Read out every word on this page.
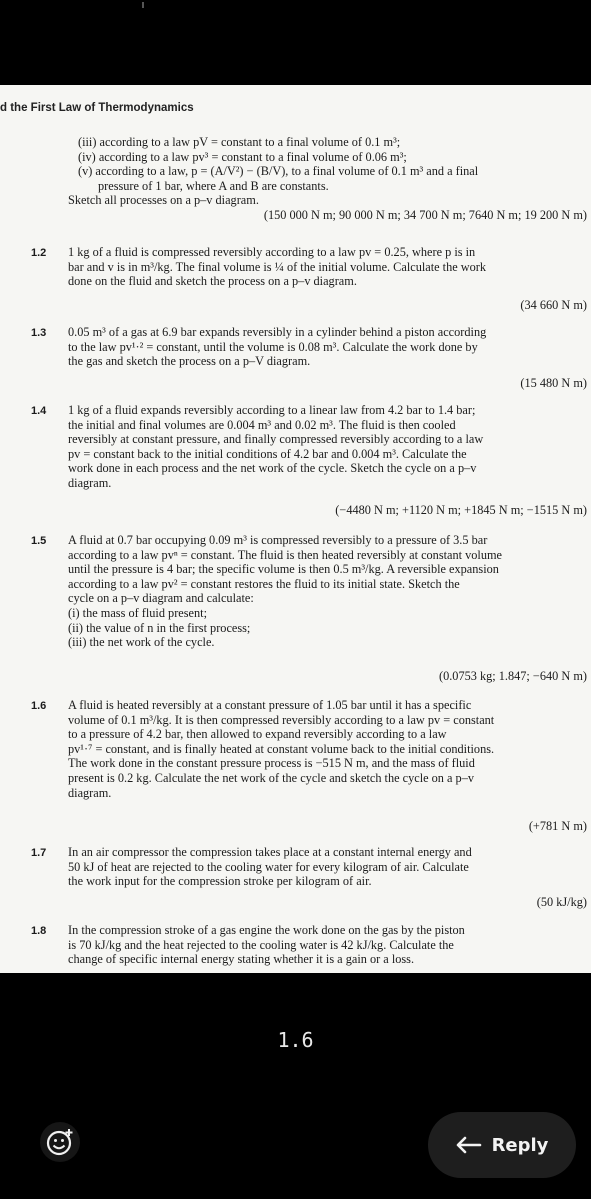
d the First Law of Thermodynamics
(iii) according to a law pV = constant to a final volume of 0.1 m³;
(iv) according to a law pv³ = constant to a final volume of 0.06 m³;
(v) according to a law, p = (A/V²) − (B/V), to a final volume of 0.1 m³ and a final
pressure of 1 bar, where A and B are constants.
Sketch all processes on a p–v diagram.
(150 000 N m; 90 000 N m; 34 700 N m; 7640 N m; 19 200 N m)
1.2 1 kg of a fluid is compressed reversibly according to a law pv = 0.25, where p is in
bar and v is in m³/kg. The final volume is ¼ of the initial volume. Calculate the work
done on the fluid and sketch the process on a p–v diagram.
(34 660 N m)
1.3 0.05 m³ of a gas at 6.9 bar expands reversibly in a cylinder behind a piston according
to the law pv¹·² = constant, until the volume is 0.08 m³. Calculate the work done by
the gas and sketch the process on a p–V diagram.
(15 480 N m)
1.4 1 kg of a fluid expands reversibly according to a linear law from 4.2 bar to 1.4 bar;
the initial and final volumes are 0.004 m³ and 0.02 m³. The fluid is then cooled
reversibly at constant pressure, and finally compressed reversibly according to a law
pv = constant back to the initial conditions of 4.2 bar and 0.004 m³. Calculate the
work done in each process and the net work of the cycle. Sketch the cycle on a p–v
diagram.
(−4480 N m; +1120 N m; +1845 N m; −1515 N m)
1.5 A fluid at 0.7 bar occupying 0.09 m³ is compressed reversibly to a pressure of 3.5 bar
according to a law pvⁿ = constant. The fluid is then heated reversibly at constant volume
until the pressure is 4 bar; the specific volume is then 0.5 m³/kg. A reversible expansion
according to a law pv² = constant restores the fluid to its initial state. Sketch the
cycle on a p–v diagram and calculate:
(i) the mass of fluid present;
(ii) the value of n in the first process;
(iii) the net work of the cycle.
(0.0753 kg; 1.847; −640 N m)
1.6 A fluid is heated reversibly at a constant pressure of 1.05 bar until it has a specific
volume of 0.1 m³/kg. It is then compressed reversibly according to a law pv = constant
to a pressure of 4.2 bar, then allowed to expand reversibly according to a law
pv¹·⁷ = constant, and is finally heated at constant volume back to the initial conditions.
The work done in the constant pressure process is −515 N m, and the mass of fluid
present is 0.2 kg. Calculate the net work of the cycle and sketch the cycle on a p–v
diagram.
(+781 N m)
1.7 In an air compressor the compression takes place at a constant internal energy and
50 kJ of heat are rejected to the cooling water for every kilogram of air. Calculate
the work input for the compression stroke per kilogram of air.
(50 kJ/kg)
1.8 In the compression stroke of a gas engine the work done on the gas by the piston
is 70 kJ/kg and the heat rejected to the cooling water is 42 kJ/kg. Calculate the
change of specific internal energy stating whether it is a gain or a loss.
1.6
Reply
